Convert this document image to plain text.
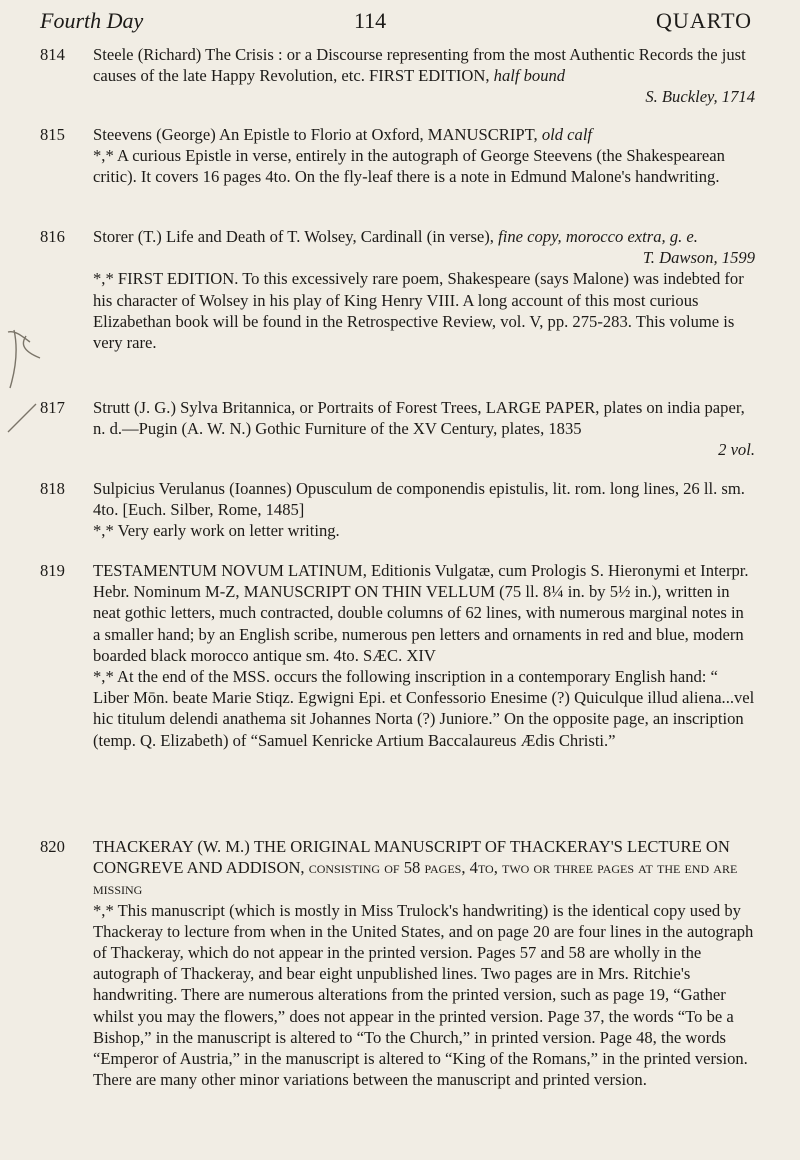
Fourth Day	114	QUARTO
814	Steele (Richard) The Crisis : or a Discourse representing from the most Authentic Records the just causes of the late Happy Revolution, etc. FIRST EDITION, half bound
S. Buckley, 1714
815	Steevens (George) An Epistle to Florio at Oxford, MANUSCRIPT, old calf
*,* A curious Epistle in verse, entirely in the autograph of George Steevens (the Shakespearean critic). It covers 16 pages 4to. On the fly-leaf there is a note in Edmund Malone's handwriting.
816	Storer (T.) Life and Death of T. Wolsey, Cardinall (in verse), fine copy, morocco extra, g. e.
T. Dawson, 1599
*,* FIRST EDITION. To this excessively rare poem, Shakespeare (says Malone) was indebted for his character of Wolsey in his play of King Henry VIII. A long account of this most curious Elizabethan book will be found in the Retrospective Review, vol. V, pp. 275-283. This volume is very rare.
817	Strutt (J. G.) Sylva Britannica, or Portraits of Forest Trees, LARGE PAPER, plates on india paper, n. d.—Pugin (A. W. N.) Gothic Furniture of the XV Century, plates, 1835
2 vol.
818	Sulpicius Verulanus (Ioannes) Opusculum de componendis epistulis, lit. rom. long lines, 26 ll. sm. 4to. [Euch. Silber, Rome, 1485]
*,* Very early work on letter writing.
819	TESTAMENTUM NOVUM LATINUM, Editionis Vulgatæ, cum Prologis S. Hieronymi et Interpr. Hebr. Nominum M-Z, MANUSCRIPT ON THIN VELLUM (75 ll. 8¼ in. by 5½ in.), written in neat gothic letters, much contracted, double columns of 62 lines, with numerous marginal notes in a smaller hand; by an English scribe, numerous pen letters and ornaments in red and blue, modern boarded black morocco antique sm. 4to. SÆC. XIV
*,* At the end of the MSS. occurs the following inscription in a contemporary English hand: “ Liber Mōn. beate Marie Stiqz. Egwigni Epi. et Confessorio Enesime (?) Quiculque illud aliena...vel hic titulum delendi anathema sit Johannes Norta (?) Juniore.” On the opposite page, an inscription (temp. Q. Elizabeth) of “Samuel Kenricke Artium Baccalaureus Ædis Christi.”
820	THACKERAY (W. M.) THE ORIGINAL MANUSCRIPT OF THACKERAY'S LECTURE ON CONGREVE AND ADDISON, consisting of 58 pages, 4to, two or three pages at the end are missing
*,* This manuscript (which is mostly in Miss Trulock's handwriting) is the identical copy used by Thackeray to lecture from when in the United States, and on page 20 are four lines in the autograph of Thackeray, which do not appear in the printed version. Pages 57 and 58 are wholly in the autograph of Thackeray, and bear eight unpublished lines. Two pages are in Mrs. Ritchie's handwriting. There are numerous alterations from the printed version, such as page 19, “Gather whilst you may the flowers,” does not appear in the printed version. Page 37, the words “To be a Bishop,” in the manuscript is altered to “To the Church,” in printed version. Page 48, the words “Emperor of Austria,” in the manuscript is altered to “King of the Romans,” in the printed version. There are many other minor variations between the manuscript and printed version.
